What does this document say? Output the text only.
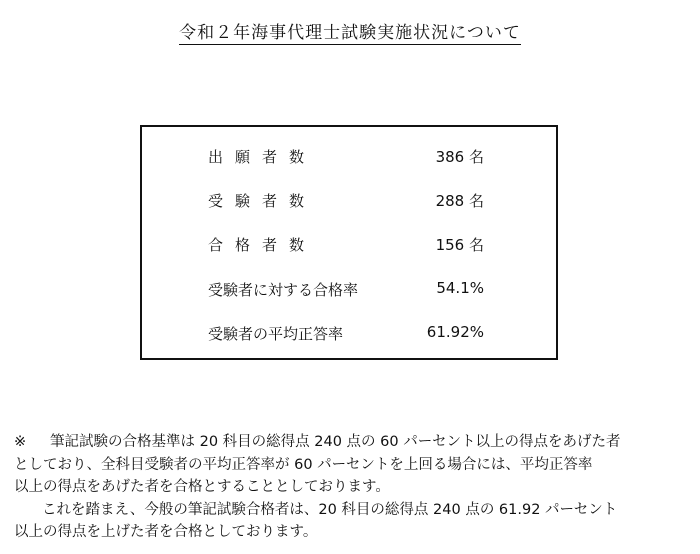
令和２年海事代理士試験実施状況について
出願者数	386 名
受験者数	288 名
合格者数	156 名
受験者に対する合格率	54.1%
受験者の平均正答率	61.92%
※ 筆記試験の合格基準は 20 科目の総得点 240 点の 60 パーセント以上の得点をあげた者
としており、全科目受験者の平均正答率が 60 パーセントを上回る場合には、平均正答率
以上の得点をあげた者を合格とすることとしております。
これを踏まえ、今般の筆記試験合格者は、20 科目の総得点 240 点の 61.92 パーセント
以上の得点を上げた者を合格としております。
